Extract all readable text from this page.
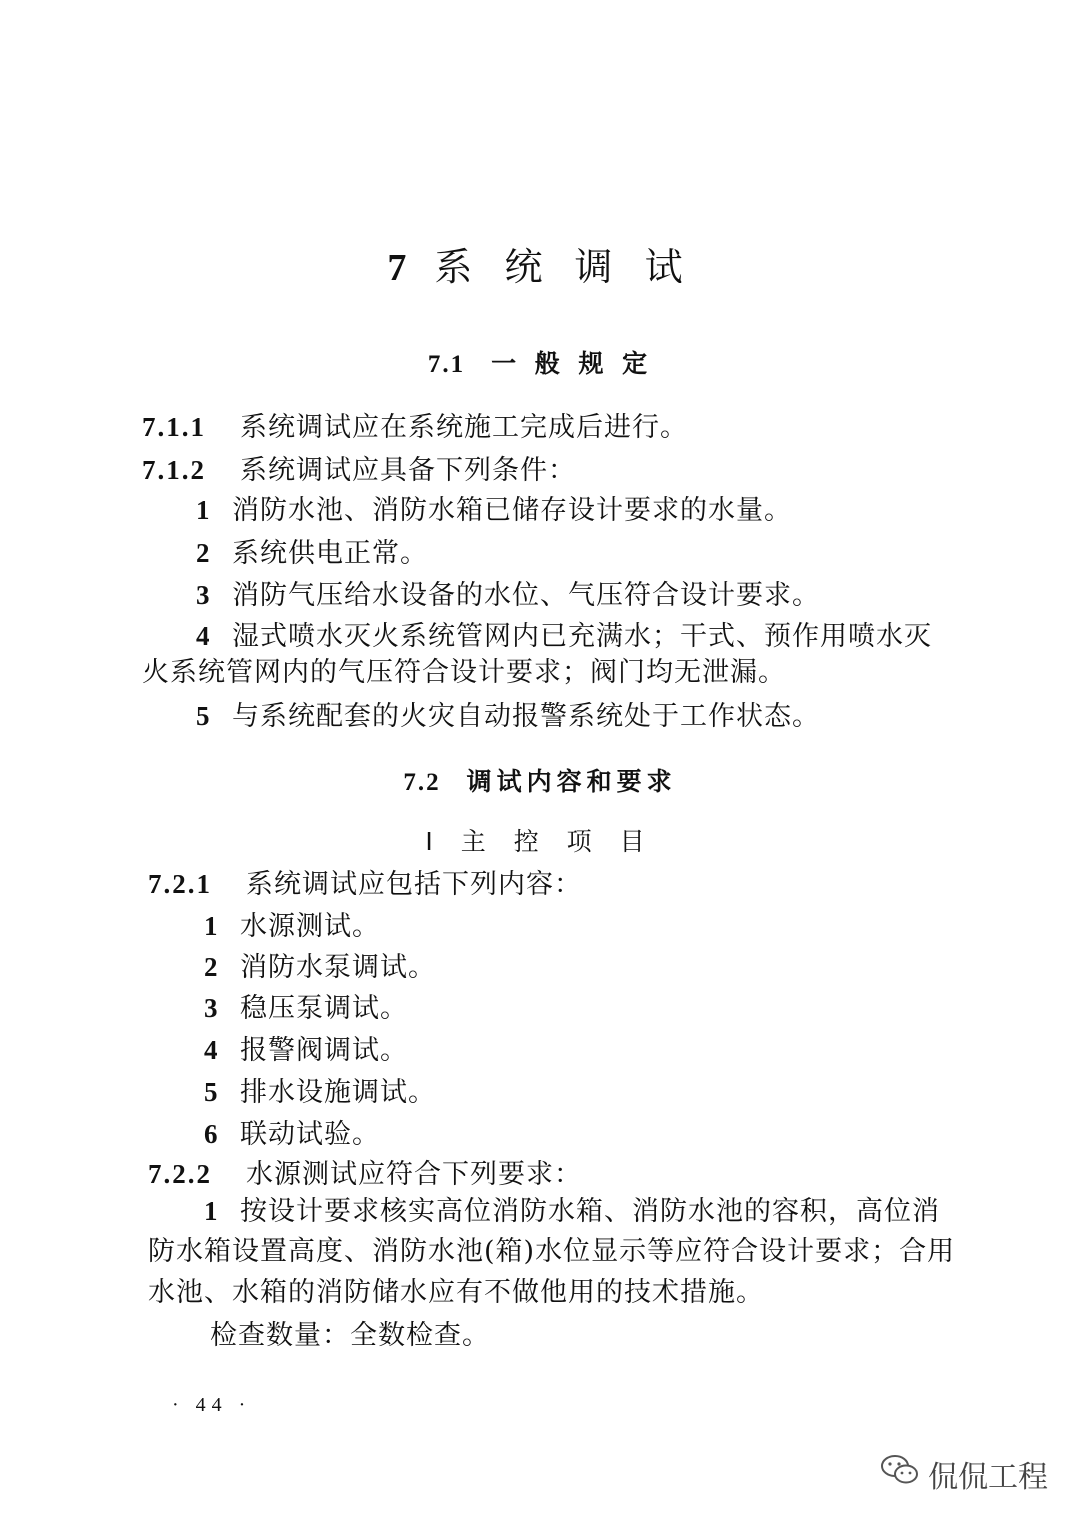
7 系 统 调 试
7.1 一 般 规 定
7.1.1 系统调试应在系统施工完成后进行。
7.1.2 系统调试应具备下列条件：
1 消防水池、消防水箱已储存设计要求的水量。
2 系统供电正常。
3 消防气压给水设备的水位、气压符合设计要求。
4 湿式喷水灭火系统管网内已充满水；干式、预作用喷水灭
火系统管网内的气压符合设计要求；阀门均无泄漏。
5 与系统配套的火灾自动报警系统处于工作状态。
7.2 调试内容和要求
Ⅰ 主 控 项 目
7.2.1 系统调试应包括下列内容：
1 水源测试。
2 消防水泵调试。
3 稳压泵调试。
4 报警阀调试。
5 排水设施调试。
6 联动试验。
7.2.2 水源测试应符合下列要求：
1 按设计要求核实高位消防水箱、消防水池的容积，高位消
防水箱设置高度、消防水池(箱)水位显示等应符合设计要求；合用
水池、水箱的消防储水应有不做他用的技术措施。
检查数量：全数检查。
· 44 ·
侃侃工程
